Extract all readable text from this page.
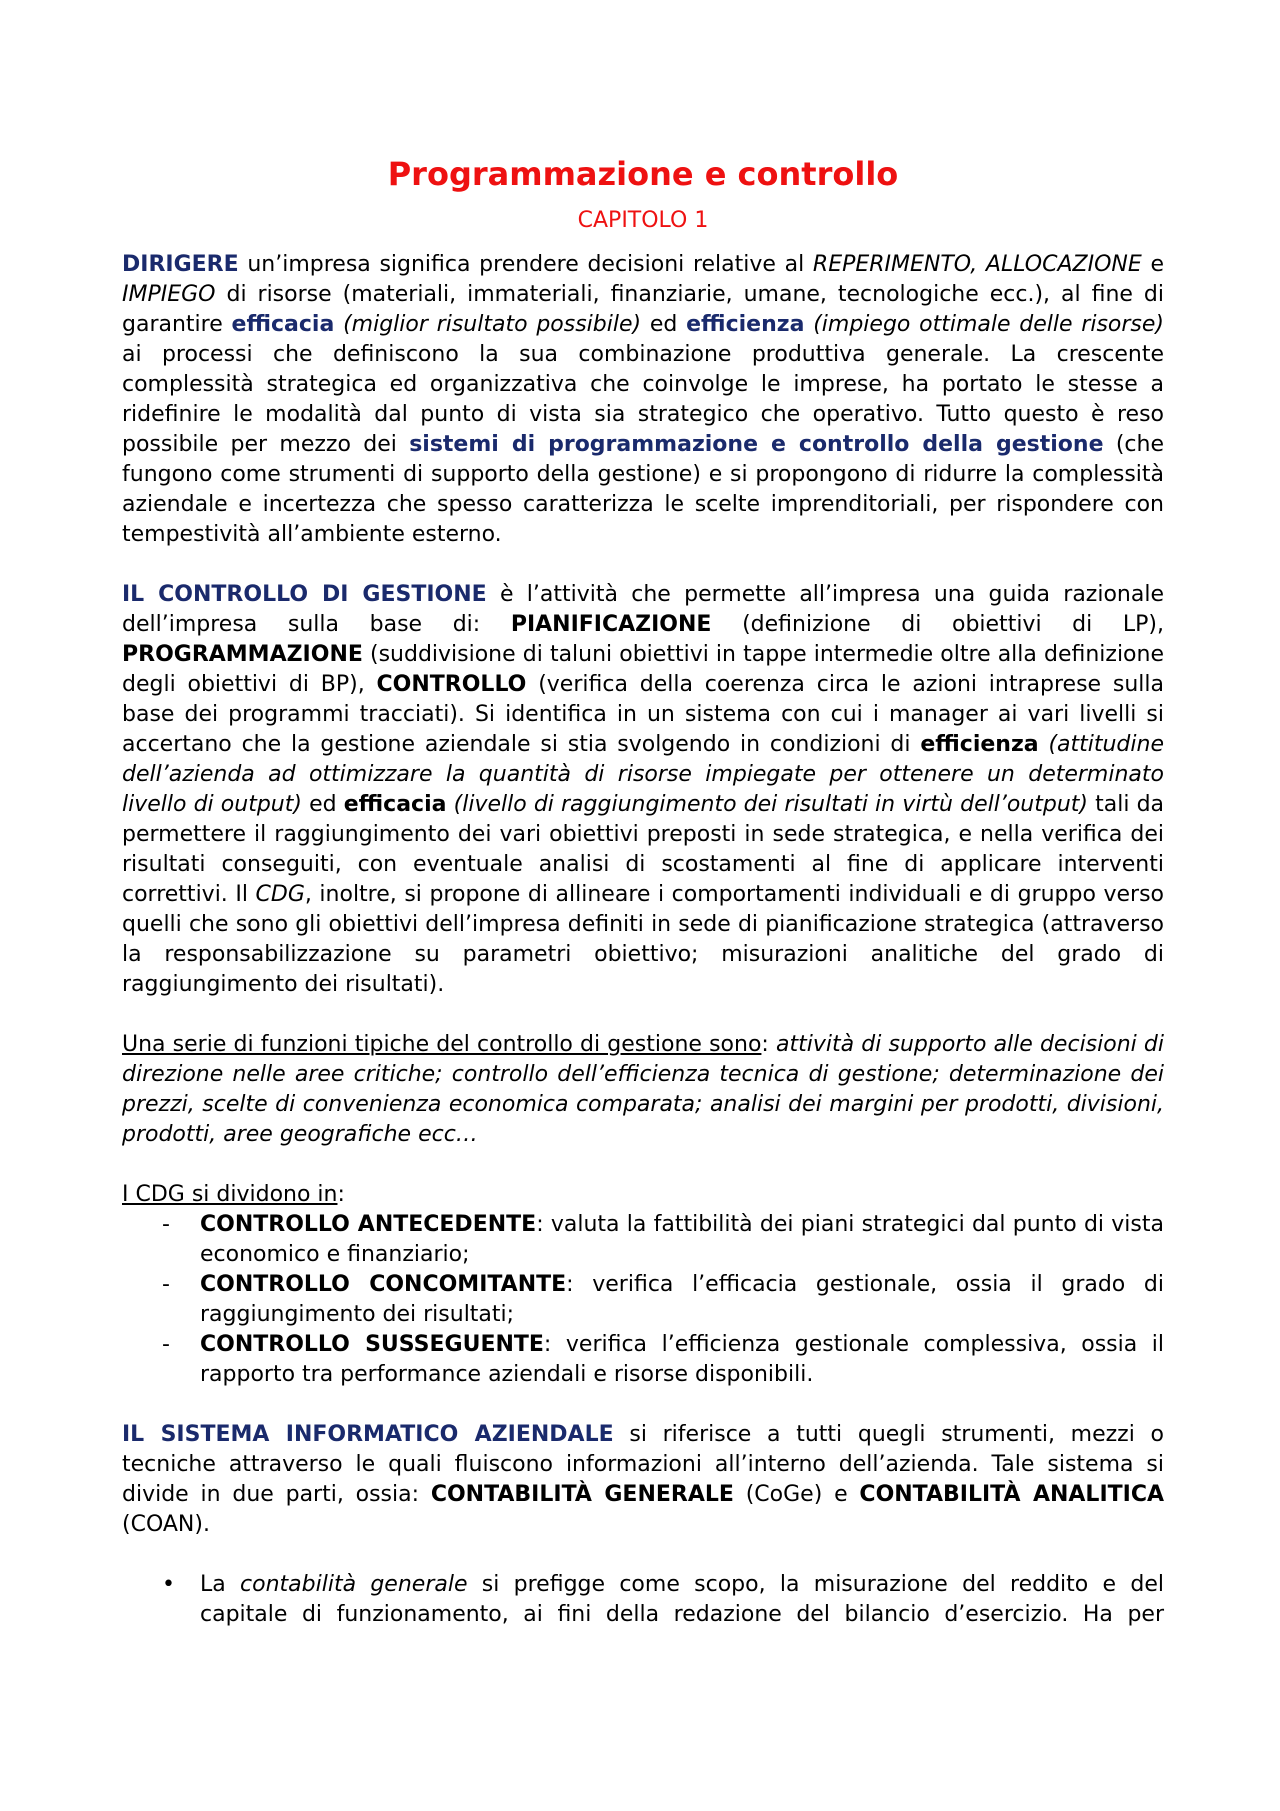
Programmazione e controllo
CAPITOLO 1

DIRIGERE un’impresa significa prendere decisioni relative al REPERIMENTO, ALLOCAZIONE e IMPIEGO di risorse (materiali, immateriali, finanziarie, umane, tecnologiche ecc.), al fine di garantire efficacia (miglior risultato possibile) ed efficienza (impiego ottimale delle risorse) ai processi che definiscono la sua combinazione produttiva generale. La crescente complessità strategica ed organizzativa che coinvolge le imprese, ha portato le stesse a ridefinire le modalità dal punto di vista sia strategico che operativo. Tutto questo è reso possibile per mezzo dei sistemi di programmazione e controllo della gestione (che fungono come strumenti di supporto della gestione) e si propongono di ridurre la complessità aziendale e incertezza che spesso caratterizza le scelte imprenditoriali, per rispondere con tempestività all’ambiente esterno.

IL CONTROLLO DI GESTIONE è l’attività che permette all’impresa una guida razionale dell’impresa sulla base di: PIANIFICAZIONE (definizione di obiettivi di LP), PROGRAMMAZIONE (suddivisione di taluni obiettivi in tappe intermedie oltre alla definizione degli obiettivi di BP), CONTROLLO (verifica della coerenza circa le azioni intraprese sulla base dei programmi tracciati). Si identifica in un sistema con cui i manager ai vari livelli si accertano che la gestione aziendale si stia svolgendo in condizioni di efficienza (attitudine dell’azienda ad ottimizzare la quantità di risorse impiegate per ottenere un determinato livello di output) ed efficacia (livello di raggiungimento dei risultati in virtù dell’output) tali da permettere il raggiungimento dei vari obiettivi preposti in sede strategica, e nella verifica dei risultati conseguiti, con eventuale analisi di scostamenti al fine di applicare interventi correttivi. Il CDG, inoltre, si propone di allineare i comportamenti individuali e di gruppo verso quelli che sono gli obiettivi dell’impresa definiti in sede di pianificazione strategica (attraverso la responsabilizzazione su parametri obiettivo; misurazioni analitiche del grado di raggiungimento dei risultati).

Una serie di funzioni tipiche del controllo di gestione sono: attività di supporto alle decisioni di direzione nelle aree critiche; controllo dell’efficienza tecnica di gestione; determinazione dei prezzi, scelte di convenienza economica comparata; analisi dei margini per prodotti, divisioni, prodotti, aree geografiche ecc…

I CDG si dividono in:

- CONTROLLO ANTECEDENTE: valuta la fattibilità dei piani strategici dal punto di vista economico e finanziario;
- CONTROLLO CONCOMITANTE: verifica l’efficacia gestionale, ossia il grado di raggiungimento dei risultati;
- CONTROLLO SUSSEGUENTE: verifica l’efficienza gestionale complessiva, ossia il rapporto tra performance aziendali e risorse disponibili.

IL SISTEMA INFORMATICO AZIENDALE si riferisce a tutti quegli strumenti, mezzi o tecniche attraverso le quali fluiscono informazioni all’interno dell’azienda. Tale sistema si divide in due parti, ossia: CONTABILITÀ GENERALE (CoGe) e CONTABILITÀ ANALITICA (COAN).

• La contabilità generale si prefigge come scopo, la misurazione del reddito e del capitale di funzionamento, ai fini della redazione del bilancio d’esercizio. Ha per
